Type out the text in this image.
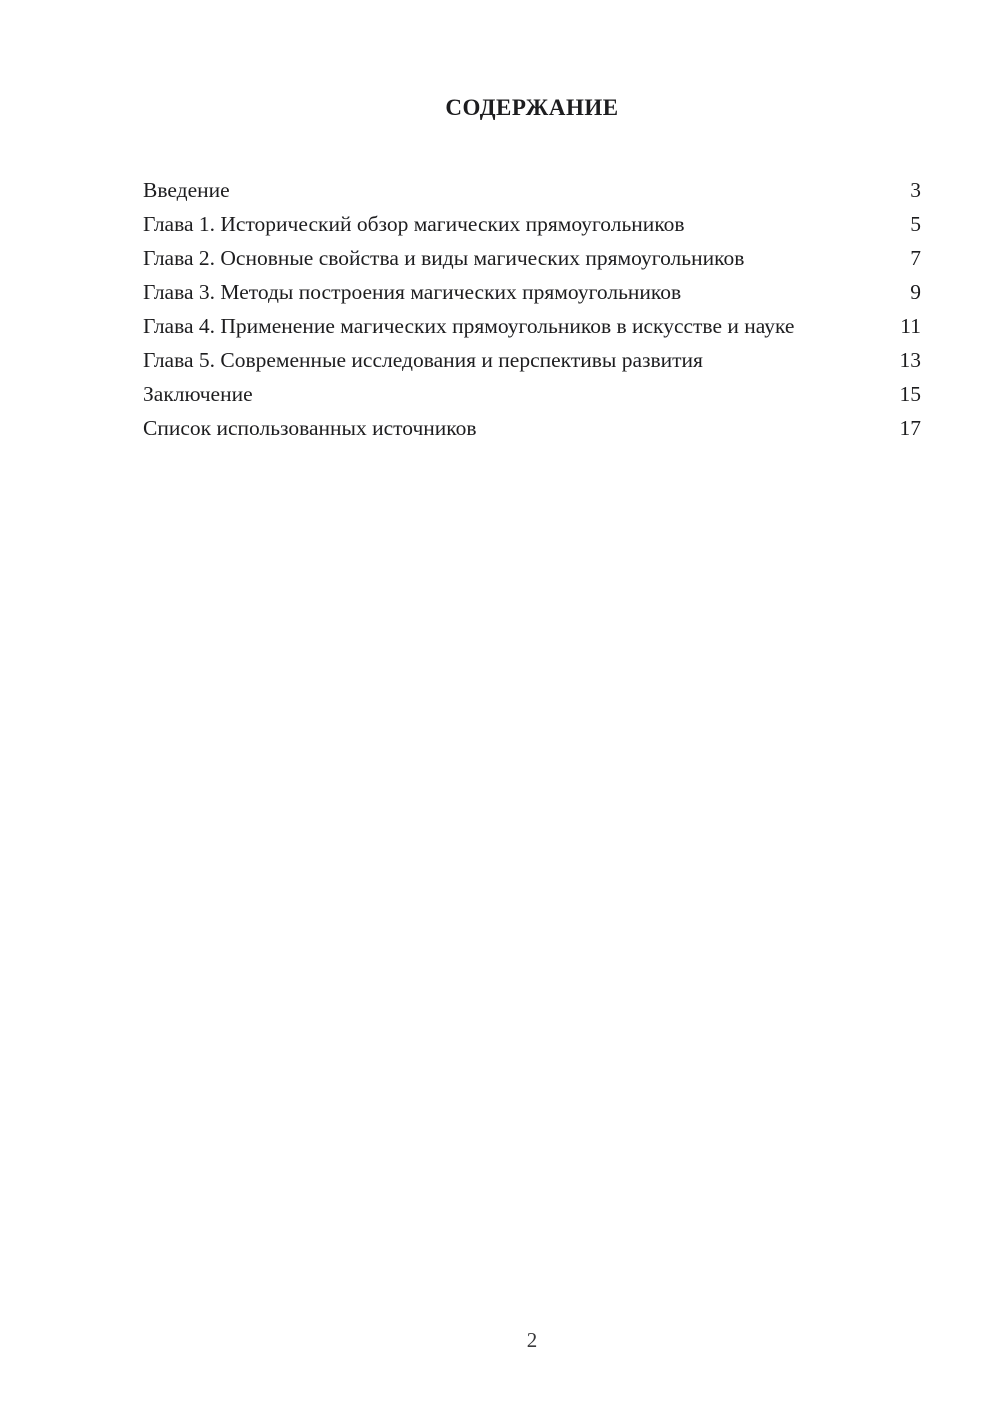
СОДЕРЖАНИЕ
Введение	3
Глава 1. Исторический обзор магических прямоугольников	5
Глава 2. Основные свойства и виды магических прямоугольников	7
Глава 3. Методы построения магических прямоугольников	9
Глава 4. Применение магических прямоугольников в искусстве и науке	11
Глава 5. Современные исследования и перспективы развития	13
Заключение	15
Список использованных источников	17
2
